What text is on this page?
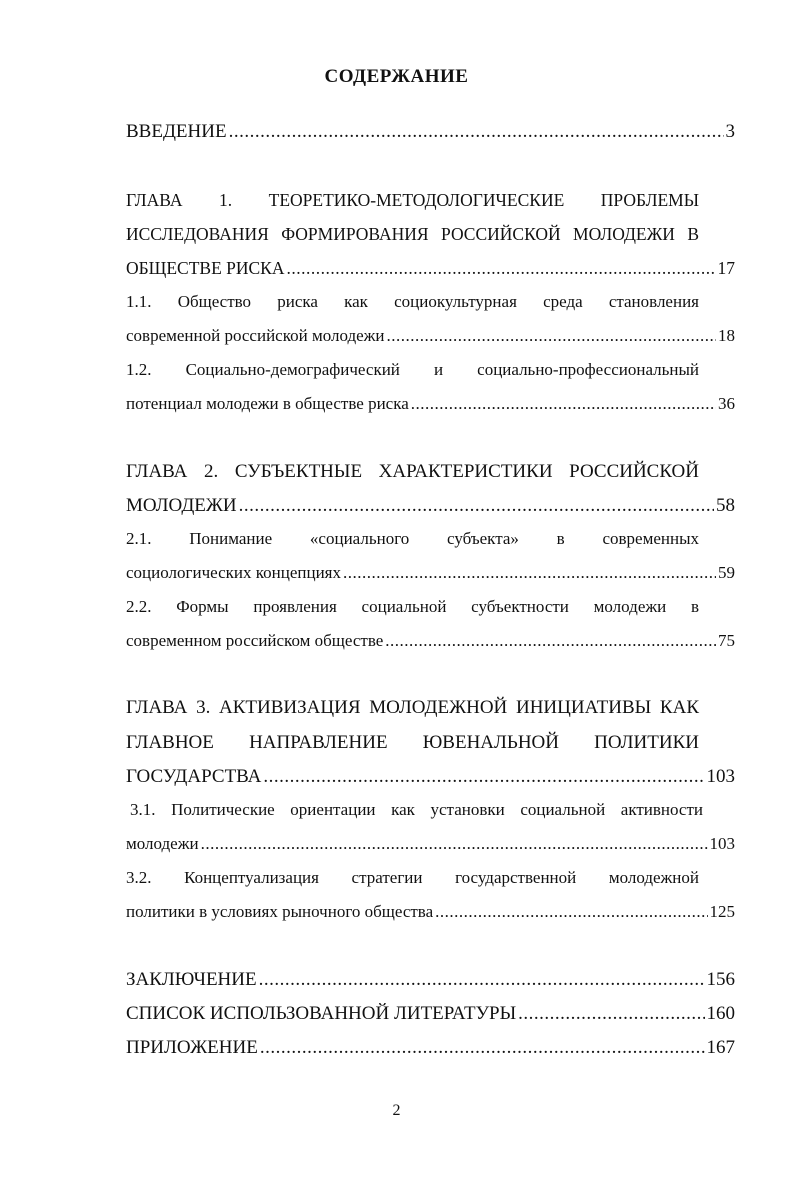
СОДЕРЖАНИЕ
ВВЕДЕНИЕ .....	3
ГЛАВА 1. ТЕОРЕТИКО-МЕТОДОЛОГИЧЕСКИЕ ПРОБЛЕМЫ
ИССЛЕДОВАНИЯ ФОРМИРОВАНИЯ РОССИЙСКОЙ МОЛОДЕЖИ В
ОБЩЕСТВЕ РИСКА .....	17
1.1. Общество риска как социокультурная среда становления
современной российской молодежи .....	18
1.2. Социально-демографический и социально-профессиональный
потенциал молодежи в обществе риска .....	36
ГЛАВА 2. СУБЪЕКТНЫЕ ХАРАКТЕРИСТИКИ РОССИЙСКОЙ
МОЛОДЕЖИ .....	58
2.1. Понимание «социального субъекта» в современных
социологических концепциях .....	59
2.2. Формы проявления социальной субъектности молодежи в
современном российском обществе .....	75
ГЛАВА 3. АКТИВИЗАЦИЯ МОЛОДЕЖНОЙ ИНИЦИАТИВЫ КАК
ГЛАВНОЕ НАПРАВЛЕНИЕ ЮВЕНАЛЬНОЙ ПОЛИТИКИ
ГОСУДАРСТВА .....	103
3.1. Политические ориентации как установки социальной активности
молодежи .....	103
3.2. Концептуализация стратегии государственной молодежной
политики в условиях рыночного общества .....	125
ЗАКЛЮЧЕНИЕ .....	156
СПИСОК ИСПОЛЬЗОВАННОЙ ЛИТЕРАТУРЫ .....	160
ПРИЛОЖЕНИЕ .....	167
2
